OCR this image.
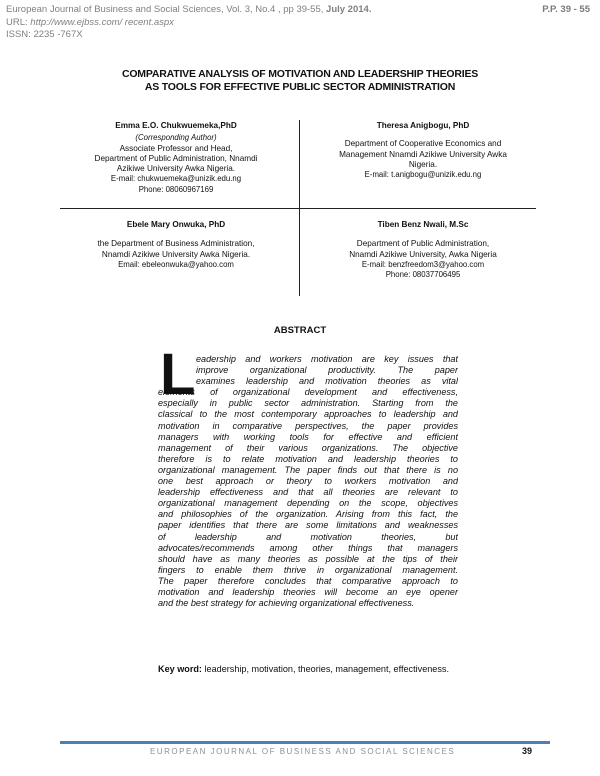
European Journal of Business and Social Sciences, Vol. 3, No.4 , pp 39-55, July 2014.
URL: http://www.ejbss.com/ recent.aspx
ISSN: 2235 -767X
P.P. 39 - 55
COMPARATIVE ANALYSIS OF MOTIVATION AND LEADERSHIP THEORIES
AS TOOLS FOR EFFECTIVE PUBLIC SECTOR ADMINISTRATION
Emma E.O. Chukwuemeka,PhD
(Corresponding Author)
Associate Professor and Head,
Department of Public Administration, Nnamdi
Azikiwe University Awka Nigeria.
E-mail: chukwuemeka@unizik.edu.ng
Phone: 08060967169
Theresa Anigbogu, PhD
Department of Cooperative Economics and
Management Nnamdi Azikiwe University Awka
Nigeria.
E-mail: t.anigbogu@unizik.edu.ng
Ebele Mary Onwuka, PhD
the Department of Business Administration,
Nnamdi Azikiwe University Awka Nigeria.
Email: ebeleonwuka@yahoo.com
Tiben Benz Nwali, M.Sc
Department of Public Administration,
Nnamdi Azikiwe University, Awka Nigeria
E-mail: benzfreedom3@yahoo.com
Phone: 08037706495
ABSTRACT
L eadership and workers motivation are key issues that
improve organizational productivity. The paper
examines leadership and motivation theories as vital
elements of organizational development and effectiveness,
especially in public sector administration. Starting from the
classical to the most contemporary approaches to leadership and
motivation in comparative perspectives, the paper provides
managers with working tools for effective and efficient
management of their various organizations. The objective
therefore is to relate motivation and leadership theories to
organizational management. The paper finds out that there is no
one best approach or theory to workers motivation and
leadership effectiveness and that all theories are relevant to
organizational management depending on the scope, objectives
and philosophies of the organization. Arising from this fact, the
paper identifies that there are some limitations and weaknesses
of leadership and motivation theories, but
advocates/recommends among other things that managers
should have as many theories as possible at the tips of their
fingers to enable them thrive in organizational management.
The paper therefore concludes that comparative approach to
motivation and leadership theories will become an eye opener
and the best strategy for achieving organizational effectiveness.
Key word: leadership, motivation, theories, management, effectiveness.
EUROPEAN JOURNAL OF BUSINESS AND SOCIAL SCIENCES	39
